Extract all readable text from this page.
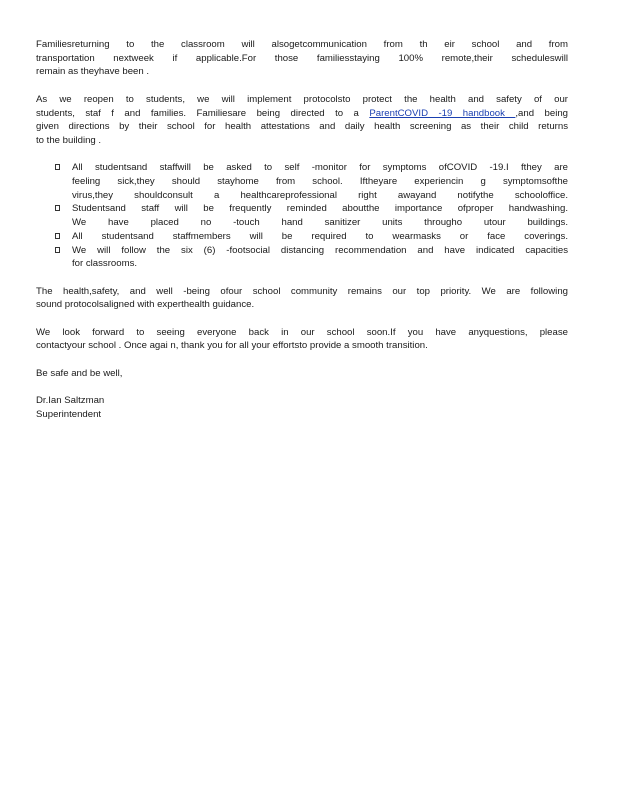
Familiesreturning to the classroom will alsogetcommunication from th eir school and from

transportation nextweek if applicable.For those familiesstaying 100% remote,their scheduleswill

remain as theyhave been .

As we reopen to students, we will implement protocolsto protect the health and safety of our

students, staf f and families. Familiesare being directed to a ParentCOVID -19 handbook ,and being

given directions by their school for health attestations and daily health screening as their child returns

to the building .

All studentsand staffwill be asked to self -monitor for symptoms ofCOVID -19.I fthey are

feeling sick,they should stayhome from school. Iftheyare experiencin g symptomsofthe

virus,they shouldconsult a healthcareprofessional right awayand notifythe schooloffice.

Studentsand staff will be frequently reminded aboutthe importance ofproper handwashing.

We have placed no -touch hand sanitizer units througho utour buildings.

All studentsand staffmembers will be required to wearmasks or face coverings.

We will follow the six (6) -footsocial distancing recommendation and have indicated capacities

for classrooms.

The health,safety, and well -being ofour school community remains our top priority. We are following

sound protocolsaligned with experthealth guidance.

We look forward to seeing everyone back in our school soon.If you have anyquestions, please

contactyour school . Once agai n, thank you for all your effortsto provide a smooth transition.

Be safe and be well,

Dr.Ian Saltzman

Superintendent
